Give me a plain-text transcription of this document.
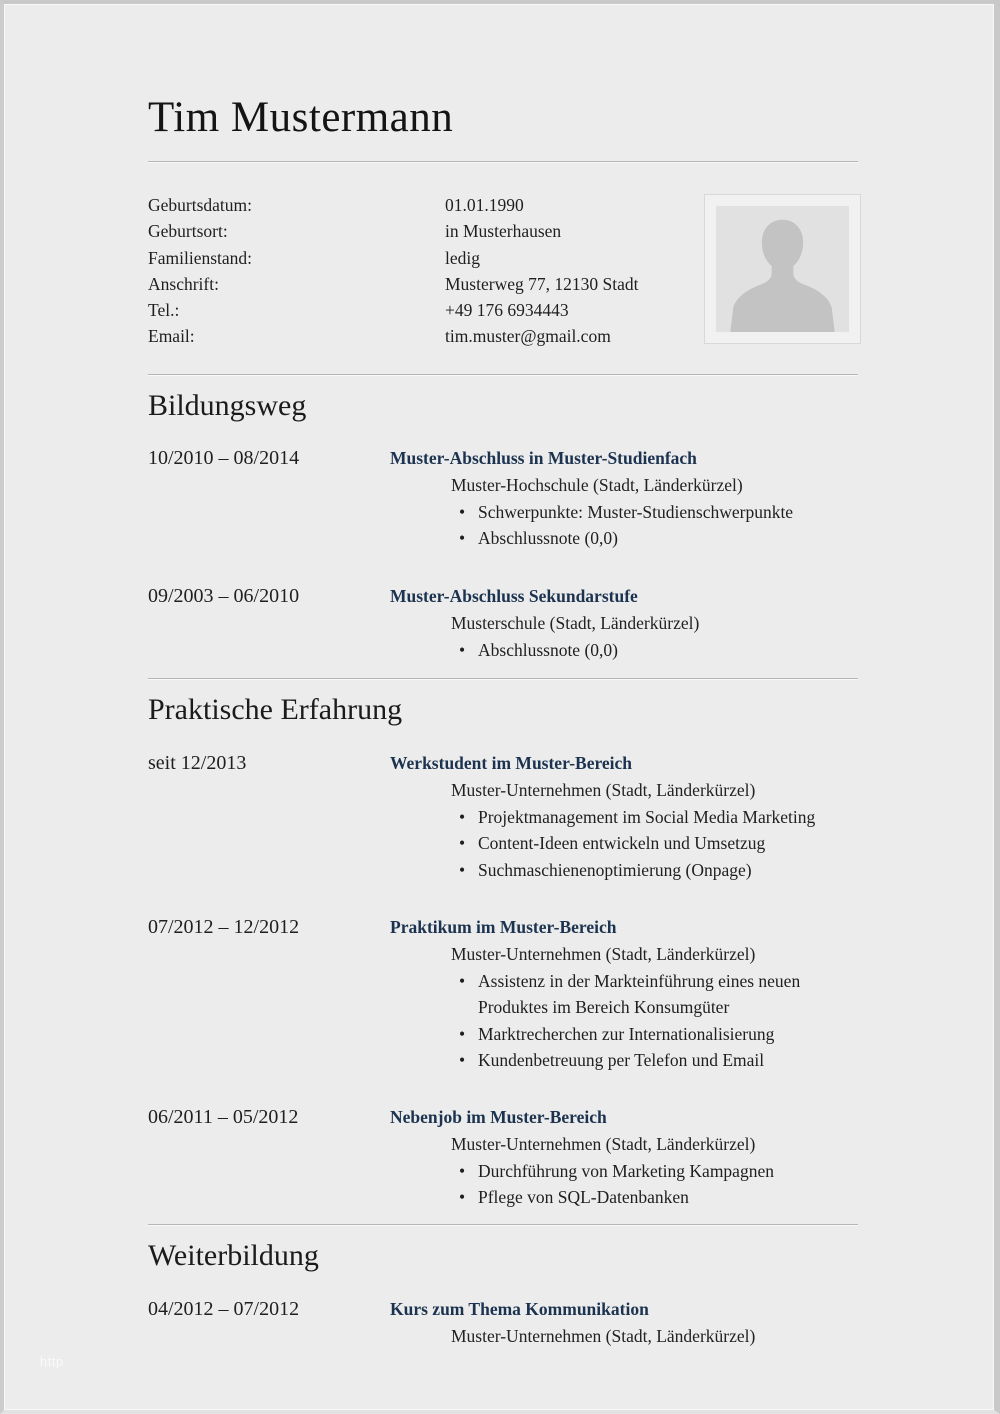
Tim Mustermann
Geburtsdatum:	01.01.1990
Geburtsort:	in Musterhausen
Familienstand:	ledig
Anschrift:	Musterweg 77, 12130 Stadt
Tel.:	+49 176 6934443
Email:	tim.muster@gmail.com
Bildungsweg
10/2010 – 08/2014	Muster-Abschluss in Muster-Studienfach
Muster-Hochschule (Stadt, Länderkürzel)
• Schwerpunkte: Muster-Studienschwerpunkte
• Abschlussnote (0,0)
09/2003 – 06/2010	Muster-Abschluss Sekundarstufe
Musterschule (Stadt, Länderkürzel)
• Abschlussnote (0,0)
Praktische Erfahrung
seit 12/2013	Werkstudent im Muster-Bereich
Muster-Unternehmen (Stadt, Länderkürzel)
• Projektmanagement im Social Media Marketing
• Content-Ideen entwickeln und Umsetzug
• Suchmaschienenoptimierung (Onpage)
07/2012 – 12/2012	Praktikum im Muster-Bereich
Muster-Unternehmen (Stadt, Länderkürzel)
• Assistenz in der Markteinführung eines neuen Produktes im Bereich Konsumgüter
• Marktrecherchen zur Internationalisierung
• Kundenbetreuung per Telefon und Email
06/2011 – 05/2012	Nebenjob im Muster-Bereich
Muster-Unternehmen (Stadt, Länderkürzel)
• Durchführung von Marketing Kampagnen
• Pflege von SQL-Datenbanken
Weiterbildung
04/2012 – 07/2012	Kurs zum Thema Kommunikation
Muster-Unternehmen (Stadt, Länderkürzel)
http
